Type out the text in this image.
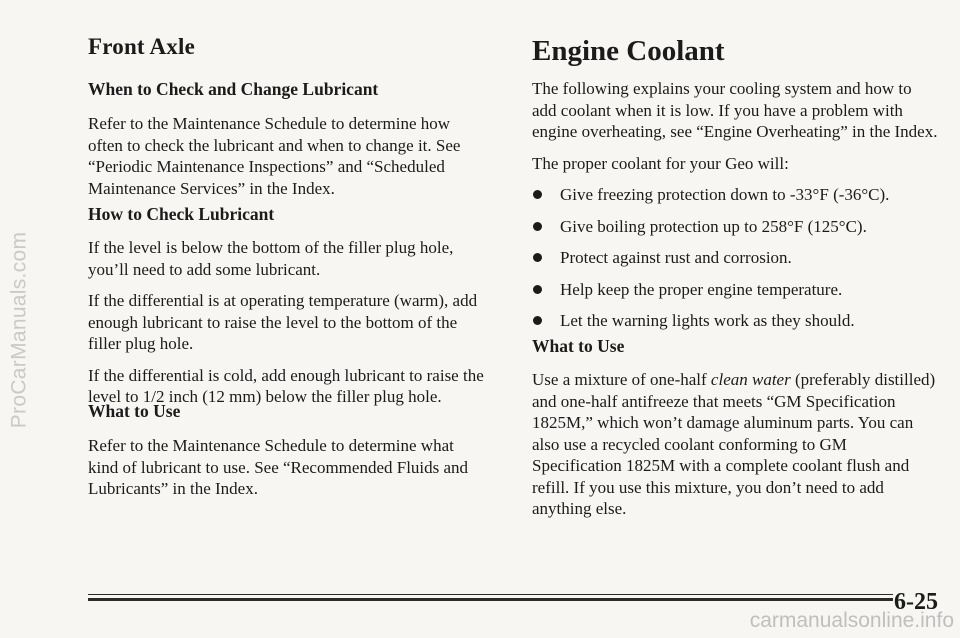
ProCarManuals.com
Front Axle
When to Check and Change Lubricant

Refer to the Maintenance Schedule to determine how often to check the lubricant and when to change it. See “Periodic Maintenance Inspections” and “Scheduled Maintenance Services” in the Index.

How to Check Lubricant

If the level is below the bottom of the filler plug hole, you’ll need to add some lubricant.

If the differential is at operating temperature (warm), add enough lubricant to raise the level to the bottom of the filler plug hole.

If the differential is cold, add enough lubricant to raise the level to 1/2 inch (12 mm) below the filler plug hole.

What to Use

Refer to the Maintenance Schedule to determine what kind of lubricant to use. See “Recommended Fluids and Lubricants” in the Index.

Engine Coolant

The following explains your cooling system and how to add coolant when it is low. If you have a problem with engine overheating, see “Engine Overheating” in the Index.

The proper coolant for your Geo will:

Give freezing protection down to -33°F (-36°C).
Give boiling protection up to 258°F (125°C).
Protect against rust and corrosion.
Help keep the proper engine temperature.
Let the warning lights work as they should.
What to Use

Use a mixture of one-half clean water (preferably distilled) and one-half antifreeze that meets “GM Specification 1825M,” which won’t damage aluminum parts. You can also use a recycled coolant conforming to GM Specification 1825M with a complete coolant flush and refill. If you use this mixture, you don’t need to add anything else.

6-25
carmanualsonline.info
